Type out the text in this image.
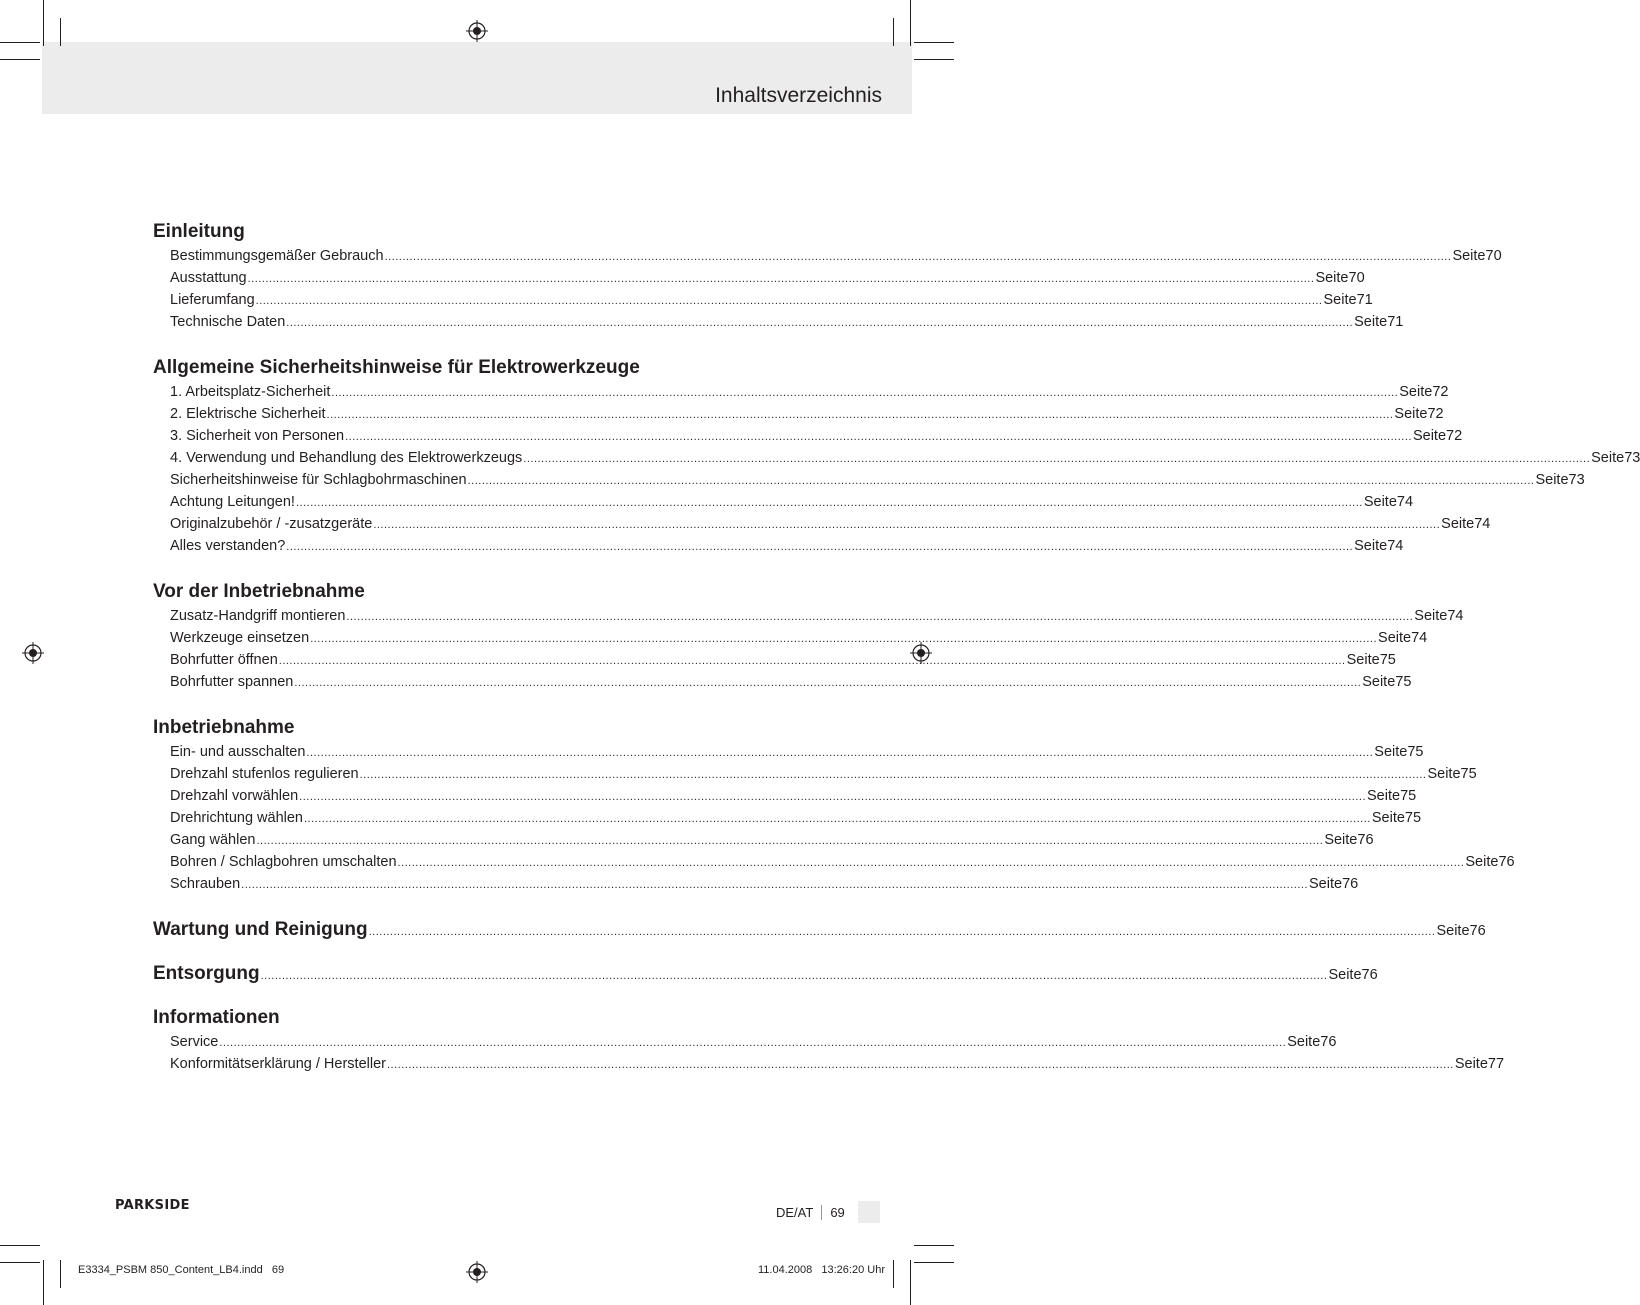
Inhaltsverzeichnis
Einleitung
Bestimmungsgemäßer Gebrauch ............................................................................................................................................................................................................................................................................................................ Seite 70
Ausstattung ............................................................................................................................................................................................................................................................................................................ Seite 70
Lieferumfang ............................................................................................................................................................................................................................................................................................................ Seite 71
Technische Daten ............................................................................................................................................................................................................................................................................................................ Seite 71
Allgemeine Sicherheitshinweise für Elektrowerkzeuge
1. Arbeitsplatz-Sicherheit ............................................................................................................................................................................................................................................................................................................ Seite 72
2. Elektrische Sicherheit ............................................................................................................................................................................................................................................................................................................ Seite 72
3. Sicherheit von Personen ............................................................................................................................................................................................................................................................................................................ Seite 72
4. Verwendung und Behandlung des Elektrowerkzeugs ............................................................................................................................................................................................................................................................................................................ Seite 73
Sicherheitshinweise für Schlagbohrmaschinen ............................................................................................................................................................................................................................................................................................................ Seite 73
Achtung Leitungen! ............................................................................................................................................................................................................................................................................................................ Seite 74
Originalzubehör / -zusatzgeräte ............................................................................................................................................................................................................................................................................................................ Seite 74
Alles verstanden? ............................................................................................................................................................................................................................................................................................................ Seite 74
Vor der Inbetriebnahme
Zusatz-Handgriff montieren ............................................................................................................................................................................................................................................................................................................ Seite 74
Werkzeuge einsetzen ............................................................................................................................................................................................................................................................................................................ Seite 74
Bohrfutter öffnen ............................................................................................................................................................................................................................................................................................................ Seite 75
Bohrfutter spannen ............................................................................................................................................................................................................................................................................................................ Seite 75
Inbetriebnahme
Ein- und ausschalten ............................................................................................................................................................................................................................................................................................................ Seite 75
Drehzahl stufenlos regulieren ............................................................................................................................................................................................................................................................................................................ Seite 75
Drehzahl vorwählen ............................................................................................................................................................................................................................................................................................................ Seite 75
Drehrichtung wählen ............................................................................................................................................................................................................................................................................................................ Seite 75
Gang wählen ............................................................................................................................................................................................................................................................................................................ Seite 76
Bohren / Schlagbohren umschalten ............................................................................................................................................................................................................................................................................................................ Seite 76
Schrauben ............................................................................................................................................................................................................................................................................................................ Seite 76
Wartung und Reinigung ............................................................................................................................................................................................................................................................................................................ Seite 76
Entsorgung ............................................................................................................................................................................................................................................................................................................ Seite 76
Informationen
Service ............................................................................................................................................................................................................................................................................................................ Seite 76
Konformitätserklärung / Hersteller ............................................................................................................................................................................................................................................................................................................ Seite 77
PARKSIDE	DE/AT	69
E3334_PSBM 850_Content_LB4.indd   69	11.04.2008   13:26:20 Uhr
